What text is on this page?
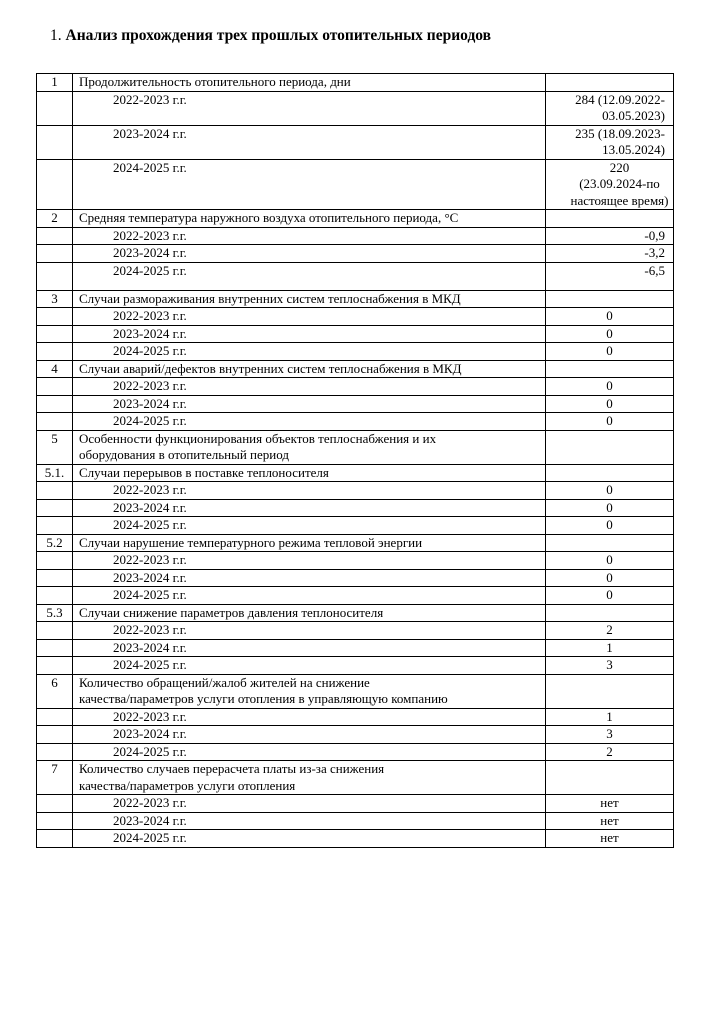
1. Анализ прохождения трех прошлых отопительных периодов
1	Продолжительность отопительного периода, дни	
	2022-2023 г.г.	284 (12.09.2022-
03.05.2023)
	2023-2024 г.г.	235 (18.09.2023-
13.05.2024)
	2024-2025 г.г.	220
(23.09.2024-по
настоящее время)
2	Средняя температура наружного воздуха отопительного периода, °С	
	2022-2023 г.г.	-0,9
	2023-2024 г.г.	-3,2
	2024-2025 г.г.	-6,5
3	Случаи размораживания внутренних систем теплоснабжения в МКД	
	2022-2023 г.г.	0
	2023-2024 г.г.	0
	2024-2025 г.г.	0
4	Случаи аварий/дефектов внутренних систем теплоснабжения в МКД	
	2022-2023 г.г.	0
	2023-2024 г.г.	0
	2024-2025 г.г.	0
5	Особенности функционирования объектов теплоснабжения и их
оборудования в отопительный период	
5.1.	Случаи перерывов в поставке теплоносителя	
	2022-2023 г.г.	0
	2023-2024 г.г.	0
	2024-2025 г.г.	0
5.2	Случаи нарушение температурного режима тепловой энергии	
	2022-2023 г.г.	0
	2023-2024 г.г.	0
	2024-2025 г.г.	0
5.3	Случаи снижение параметров давления теплоносителя	
	2022-2023 г.г.	2
	2023-2024 г.г.	1
	2024-2025 г.г.	3
6	Количество обращений/жалоб жителей на снижение
качества/параметров услуги отопления в управляющую компанию	
	2022-2023 г.г.	1
	2023-2024 г.г.	3
	2024-2025 г.г.	2
7	Количество случаев перерасчета платы из-за снижения
качества/параметров услуги отопления	
	2022-2023 г.г.	нет
	2023-2024 г.г.	нет
	2024-2025 г.г.	нет
